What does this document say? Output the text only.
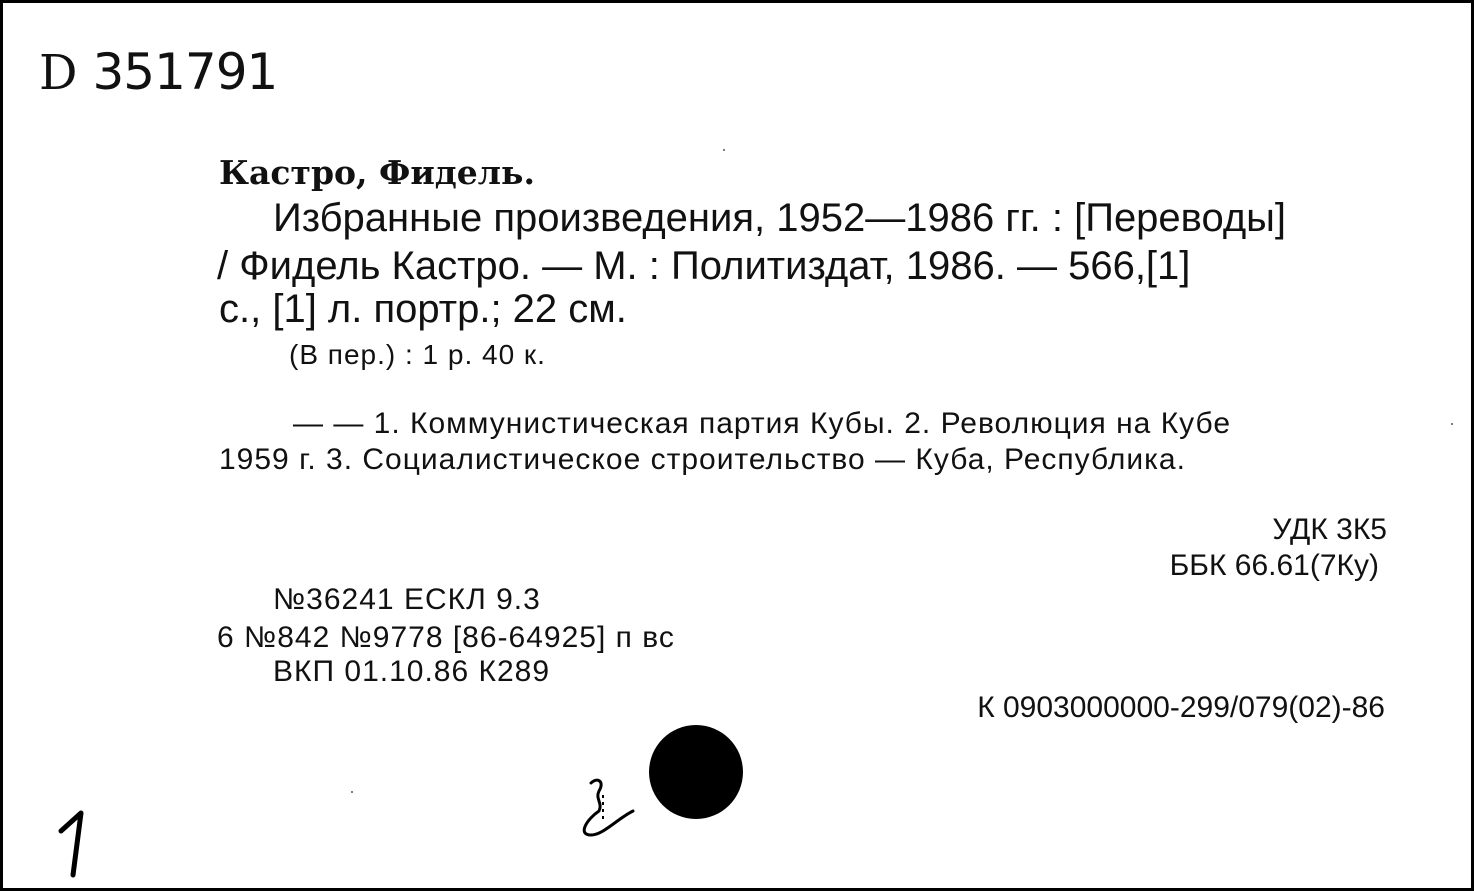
D 351791
Кастро, Фидель.
Избранные произведения, 1952—1986 гг. : [Переводы]
/ Фидель Кастро. — М. : Политиздат, 1986. — 566,[1]
с., [1] л. портр.; 22 см.
(В пер.) : 1 р. 40 к.
— — 1. Коммунистическая партия Кубы. 2. Революция на Кубе
1959 г. 3. Социалистическое строительство — Куба, Республика.
УДК 3К5
ББК 66.61(7Ку)
№36241 ЕСКЛ 9.3
6 №842 №9778 [86-64925] п вс
ВКП 01.10.86 К289
К 0903000000-299/079(02)-86
